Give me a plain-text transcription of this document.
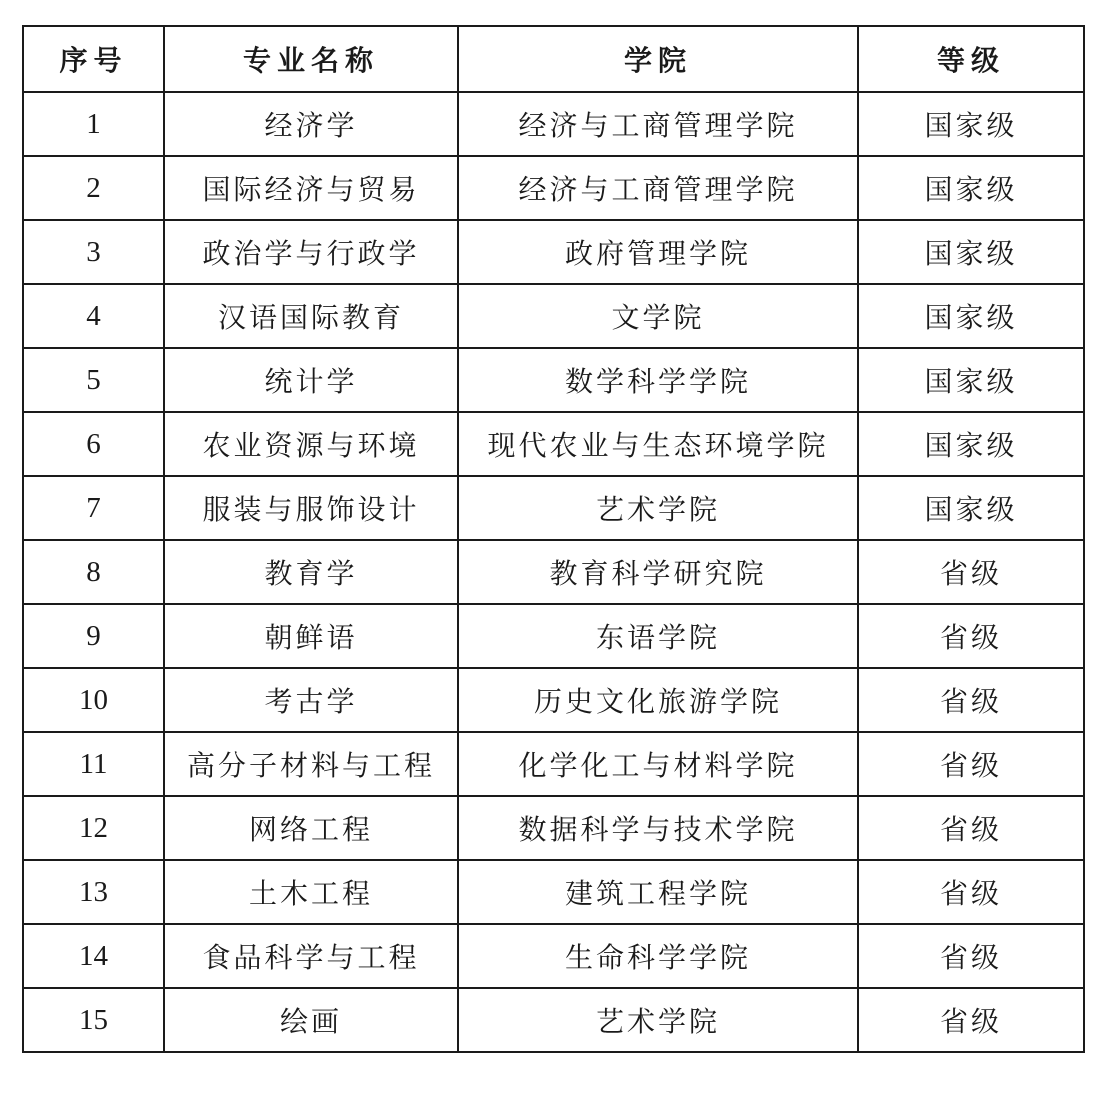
序号	专业名称	学院	等级
1	经济学	经济与工商管理学院	国家级
2	国际经济与贸易	经济与工商管理学院	国家级
3	政治学与行政学	政府管理学院	国家级
4	汉语国际教育	文学院	国家级
5	统计学	数学科学学院	国家级
6	农业资源与环境	现代农业与生态环境学院	国家级
7	服装与服饰设计	艺术学院	国家级
8	教育学	教育科学研究院	省级
9	朝鲜语	东语学院	省级
10	考古学	历史文化旅游学院	省级
11	高分子材料与工程	化学化工与材料学院	省级
12	网络工程	数据科学与技术学院	省级
13	土木工程	建筑工程学院	省级
14	食品科学与工程	生命科学学院	省级
15	绘画	艺术学院	省级
